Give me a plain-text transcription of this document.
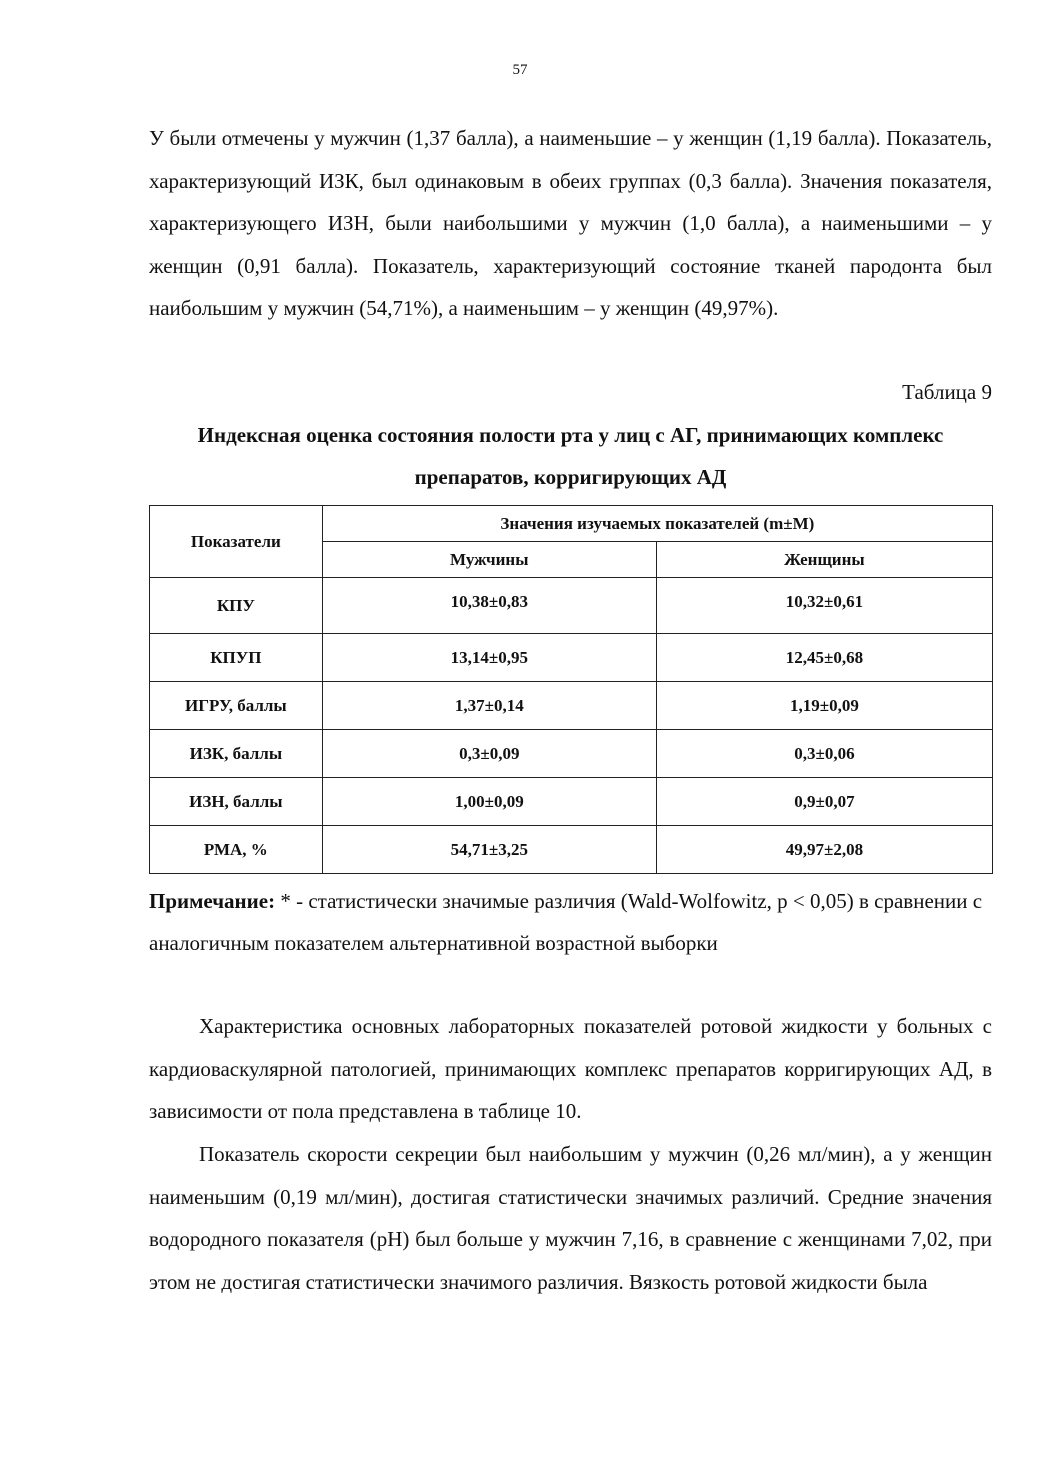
57

У были отмечены у мужчин (1,37 балла), а наименьшие – у женщин (1,19 балла). Показатель, характеризующий ИЗК, был одинаковым в обеих группах (0,3 балла). Значения показателя, характеризующего ИЗН, были наибольшими у мужчин (1,0 балла), а наименьшими – у женщин (0,91 балла). Показатель, характеризующий состояние тканей пародонта был наибольшим у мужчин (54,71%), а наименьшим – у женщин (49,97%).

Таблица 9

Индексная оценка состояния полости рта у лиц с АГ, принимающих комплекс препаратов, корригирующих АД

Показатели	Значения изучаемых показателей (m±M)	
	Мужчины	Женщины
КПУ	10,38±0,83	10,32±0,61
КПУП	13,14±0,95	12,45±0,68
ИГРУ, баллы	1,37±0,14	1,19±0,09
ИЗК, баллы	0,3±0,09	0,3±0,06
ИЗН, баллы	1,00±0,09	0,9±0,07
РМА, %	54,71±3,25	49,97±2,08

Примечание: * - статистически значимые различия (Wald-Wolfowitz, p < 0,05) в сравнении с аналогичным показателем альтернативной возрастной выборки

Характеристика основных лабораторных показателей ротовой жидкости у больных с кардиоваскулярной патологией, принимающих комплекс препаратов корригирующих АД, в зависимости от пола представлена в таблице 10.

Показатель скорости секреции был наибольшим у мужчин (0,26 мл/мин), а у женщин наименьшим (0,19 мл/мин), достигая статистически значимых различий. Средние значения водородного показателя (pH) был больше у мужчин 7,16, в сравнение с женщинами 7,02, при этом не достигая статистически значимого различия. Вязкость ротовой жидкости была
